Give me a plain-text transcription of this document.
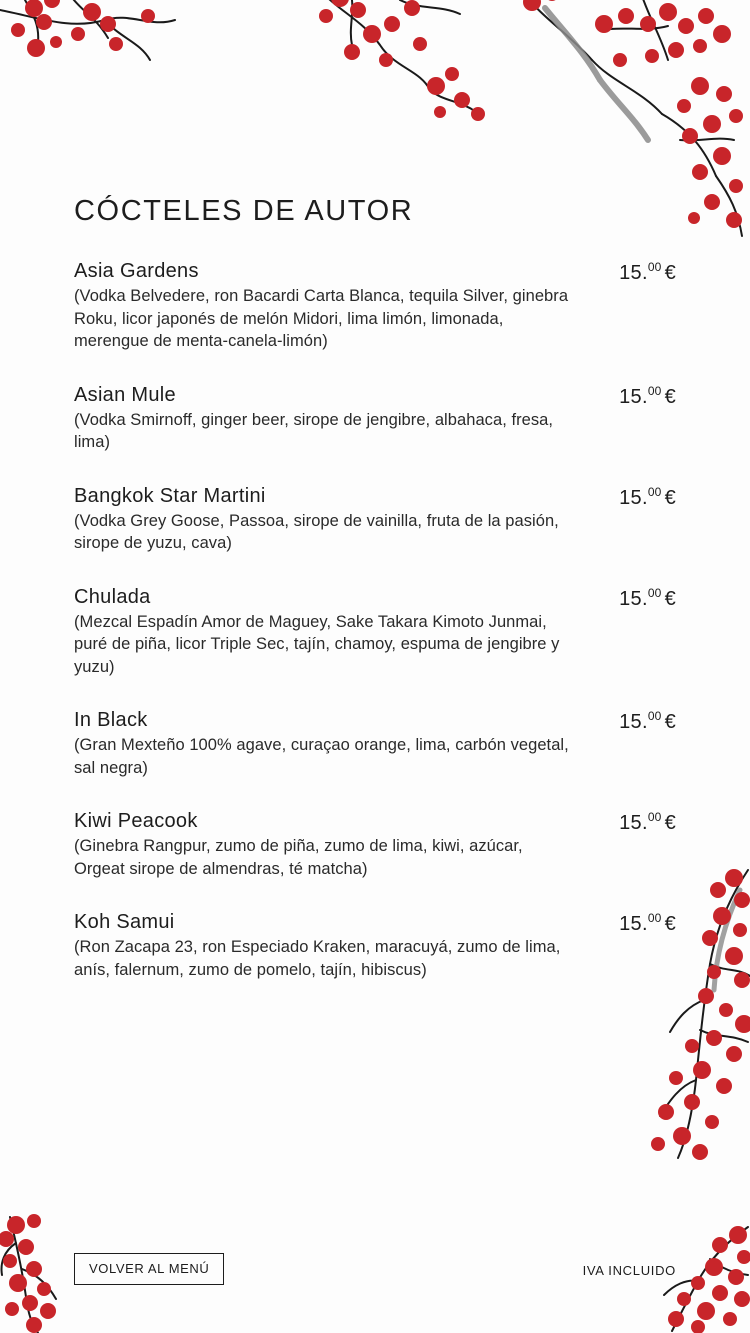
CÓCTELES DE AUTOR
Asia Gardens
(Vodka Belvedere, ron Bacardi Carta Blanca, tequila Silver, ginebra Roku, licor japonés de melón Midori, lima limón, limonada, merengue de menta-canela-limón)
15.00 €
Asian Mule
(Vodka Smirnoff, ginger beer, sirope de jengibre, albahaca, fresa, lima)
15.00 €
Bangkok Star Martini
(Vodka Grey Goose, Passoa, sirope de vainilla, fruta de la pasión, sirope de yuzu, cava)
15.00 €
Chulada
(Mezcal Espadín Amor de Maguey, Sake Takara Kimoto Junmai, puré de piña, licor Triple Sec, tajín, chamoy, espuma de jengibre y yuzu)
15.00 €
In Black
(Gran Mexteño 100% agave, curaçao orange, lima, carbón vegetal, sal negra)
15.00 €
Kiwi Peacook
(Ginebra Rangpur, zumo de piña, zumo de lima, kiwi, azúcar, Orgeat sirope de almendras, té matcha)
15.00 €
Koh Samui
(Ron Zacapa 23, ron Especiado Kraken, maracuyá, zumo de lima, anís, falernum, zumo de pomelo, tajín, hibiscus)
15.00 €
VOLVER AL MENÚ	IVA INCLUIDO
